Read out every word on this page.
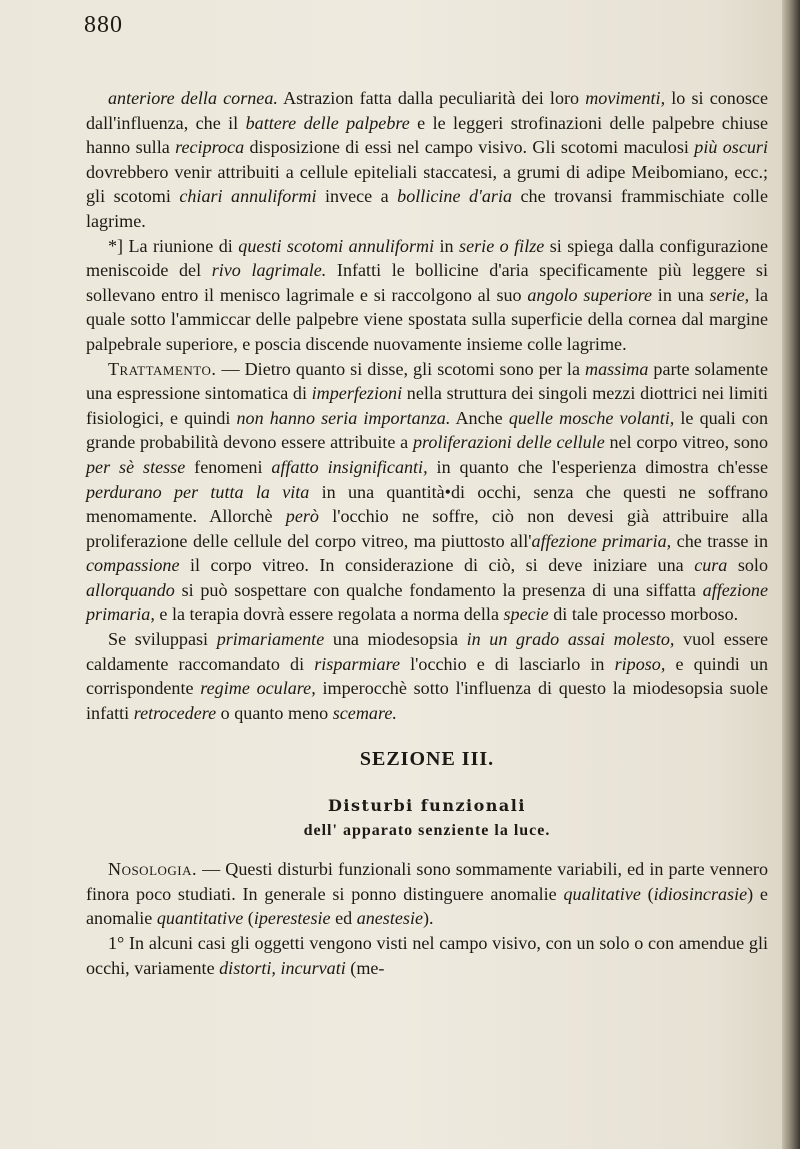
880

anteriore della cornea. Astrazion fatta dalla peculiarità dei loro movimenti, lo si conosce dall'influenza, che il battere delle palpebre e le leggeri strofinazioni delle palpebre chiuse hanno sulla reciproca disposizione di essi nel campo visivo. Gli scotomi maculosi più oscuri dovrebbero venir attribuiti a cellule epiteliali staccatesi, a grumi di adipe Meibomiano, ecc.; gli scotomi chiari annuliformi invece a bollicine d'aria che trovansi frammischiate colle lagrime.

*] La riunione di questi scotomi annuliformi in serie o filze si spiega dalla configurazione meniscoide del rivo lagrimale. Infatti le bollicine d'aria specificamente più leggere si sollevano entro il menisco lagrimale e si raccolgono al suo angolo superiore in una serie, la quale sotto l'ammiccar delle palpebre viene spostata sulla superficie della cornea dal margine palpebrale superiore, e poscia discende nuovamente insieme colle lagrime.

Trattamento. — Dietro quanto si disse, gli scotomi sono per la massima parte solamente una espressione sintomatica di imperfezioni nella struttura dei singoli mezzi diottrici nei limiti fisiologici, e quindi non hanno seria importanza. Anche quelle mosche volanti, le quali con grande probabilità devono essere attribuite a proliferazioni delle cellule nel corpo vitreo, sono per sè stesse fenomeni affatto insignificanti, in quanto che l'esperienza dimostra ch'esse perdurano per tutta la vita in una quantità•di occhi, senza che questi ne soffrano menomamente. Allorchè però l'occhio ne soffre, ciò non devesi già attribuire alla proliferazione delle cellule del corpo vitreo, ma piuttosto all'affezione primaria, che trasse in compassione il corpo vitreo. In considerazione di ciò, si deve iniziare una cura solo allorquando si può sospettare con qualche fondamento la presenza di una siffatta affezione primaria, e la terapia dovrà essere regolata a norma della specie di tale processo morboso.

Se sviluppasi primariamente una miodesopsia in un grado assai molesto, vuol essere caldamente raccomandato di risparmiare l'occhio e di lasciarlo in riposo, e quindi un corrispondente regime oculare, imperocchè sotto l'influenza di questo la miodesopsia suole infatti retrocedere o quanto meno scemare.

SEZIONE III.
Disturbi funzionali
dell' apparato senziente la luce.

Nosologia. — Questi disturbi funzionali sono sommamente variabili, ed in parte vennero finora poco studiati. In generale si ponno distinguere anomalie qualitative (idiosincrasie) e anomalie quantitative (iperestesie ed anestesie).

1° In alcuni casi gli oggetti vengono visti nel campo visivo, con un solo o con amendue gli occhi, variamente distorti, incurvati (me-
